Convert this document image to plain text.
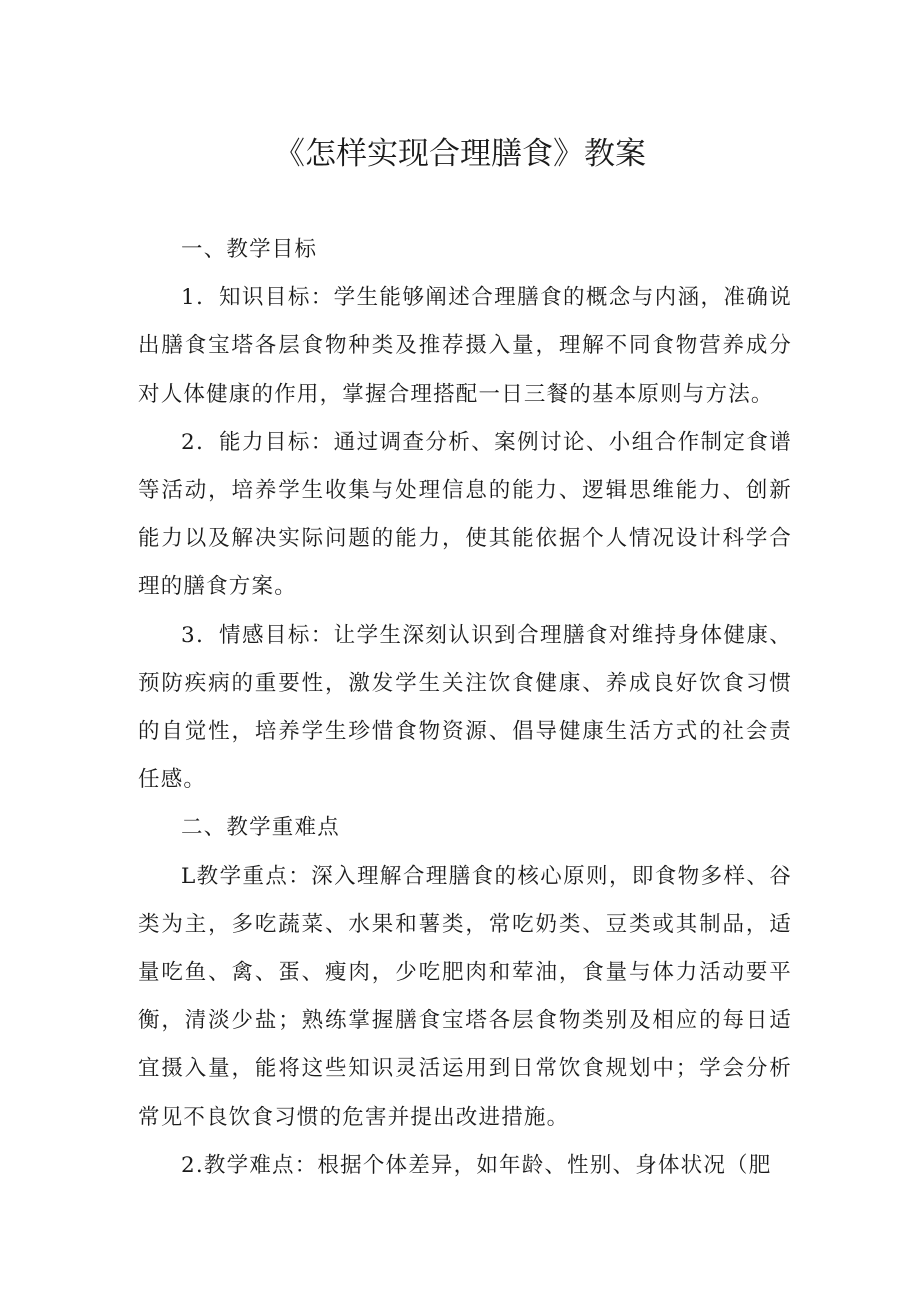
《怎样实现合理膳食》教案

一、教学目标

1．知识目标：学生能够阐述合理膳食的概念与内涵，准确说出膳食宝塔各层食物种类及推荐摄入量，理解不同食物营养成分对人体健康的作用，掌握合理搭配一日三餐的基本原则与方法。

2．能力目标：通过调查分析、案例讨论、小组合作制定食谱等活动，培养学生收集与处理信息的能力、逻辑思维能力、创新能力以及解决实际问题的能力，使其能依据个人情况设计科学合理的膳食方案。

3．情感目标：让学生深刻认识到合理膳食对维持身体健康、预防疾病的重要性，激发学生关注饮食健康、养成良好饮食习惯的自觉性，培养学生珍惜食物资源、倡导健康生活方式的社会责任感。

二、教学重难点

L教学重点：深入理解合理膳食的核心原则，即食物多样、谷类为主，多吃蔬菜、水果和薯类，常吃奶类、豆类或其制品，适量吃鱼、禽、蛋、瘦肉，少吃肥肉和荤油，食量与体力活动要平衡，清淡少盐；熟练掌握膳食宝塔各层食物类别及相应的每日适宜摄入量，能将这些知识灵活运用到日常饮食规划中；学会分析常见不良饮食习惯的危害并提出改进措施。

2.教学难点：根据个体差异，如年龄、性别、身体状况（肥
